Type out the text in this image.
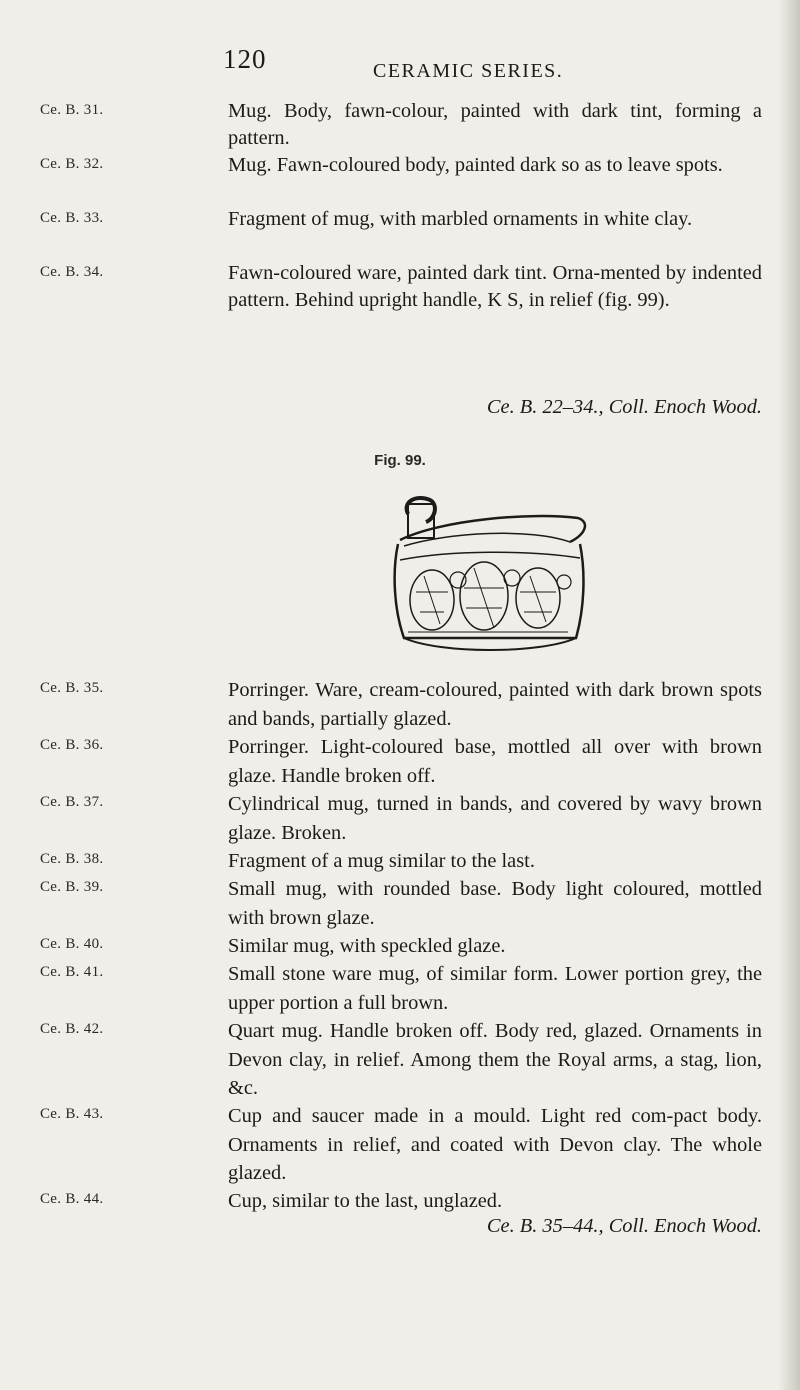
120	CERAMIC SERIES.
Ce. B. 31.	Mug. Body, fawn-colour, painted with dark tint, forming a pattern.
Ce. B. 32.	Mug. Fawn-coloured body, painted dark so as to leave spots.
Ce. B. 33.	Fragment of mug, with marbled ornaments in white clay.
Ce. B. 34.	Fawn-coloured ware, painted dark tint. Orna-mented by indented pattern. Behind upright handle, K S, in relief (fig. 99).
Ce. B. 22–34., Coll. Enoch Wood.
Fig. 99.
Ce. B. 35.	Porringer. Ware, cream-coloured, painted with dark brown spots and bands, partially glazed.
Ce. B. 36.	Porringer. Light-coloured base, mottled all over with brown glaze. Handle broken off.
Ce. B. 37.	Cylindrical mug, turned in bands, and covered by wavy brown glaze. Broken.
Ce. B. 38.	Fragment of a mug similar to the last.
Ce. B. 39.	Small mug, with rounded base. Body light coloured, mottled with brown glaze.
Ce. B. 40.	Similar mug, with speckled glaze.
Ce. B. 41.	Small stone ware mug, of similar form. Lower portion grey, the upper portion a full brown.
Ce. B. 42.	Quart mug. Handle broken off. Body red, glazed. Ornaments in Devon clay, in relief. Among them the Royal arms, a stag, lion, &c.
Ce. B. 43.	Cup and saucer made in a mould. Light red com-pact body. Ornaments in relief, and coated with Devon clay. The whole glazed.
Ce. B. 44.	Cup, similar to the last, unglazed.
Ce. B. 35–44., Coll. Enoch Wood.
